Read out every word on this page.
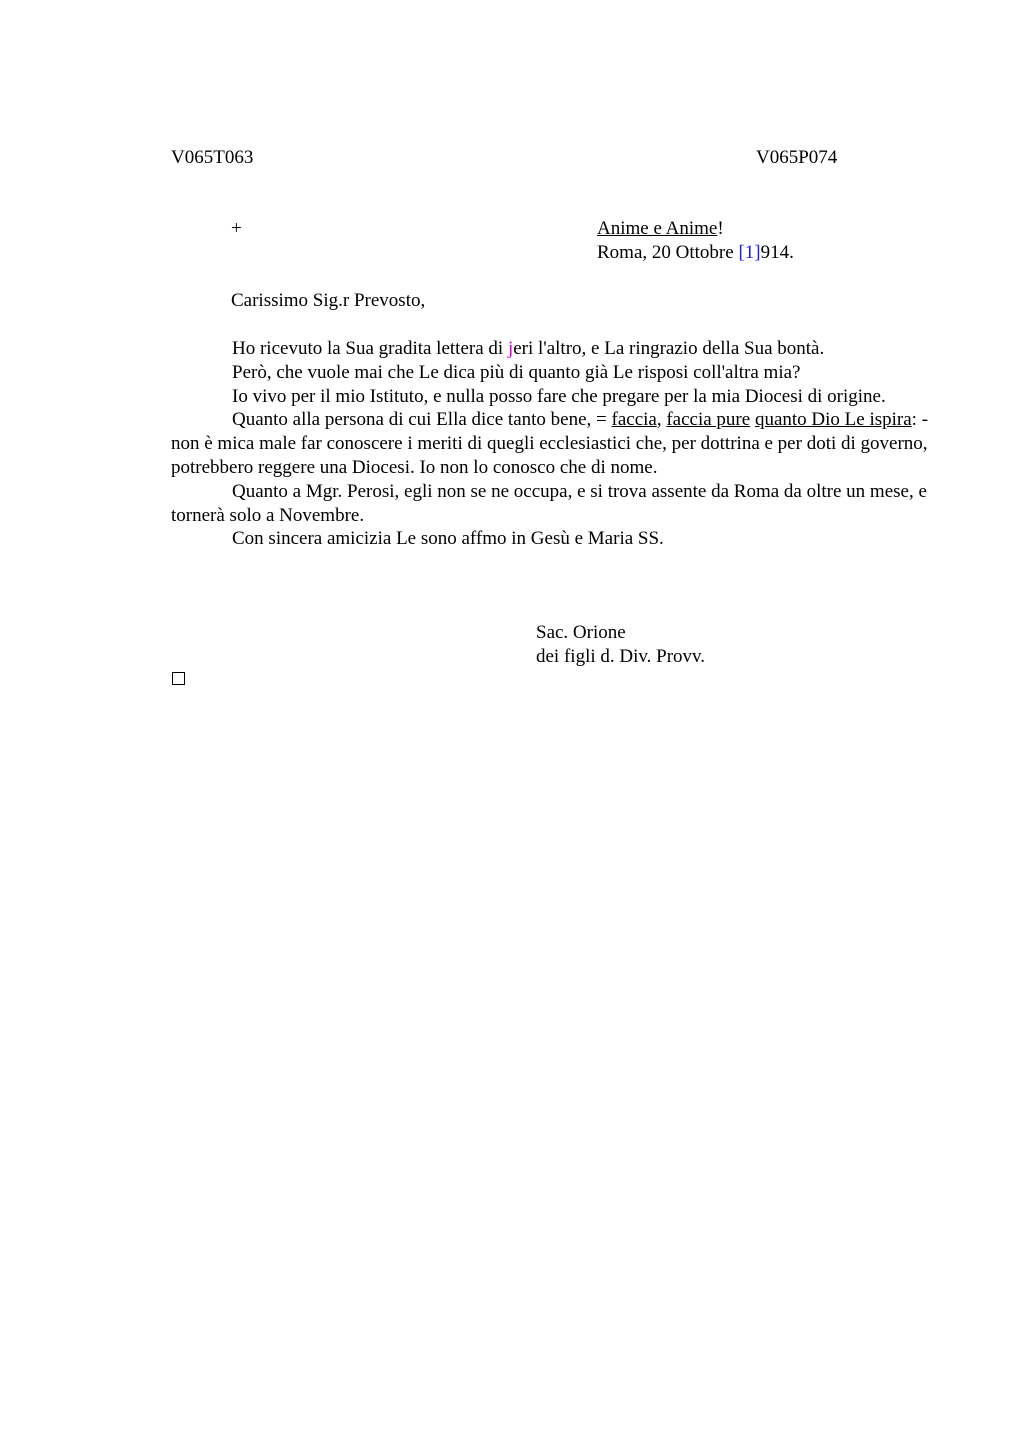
V065T063	V065P074
+	Anime e Anime!
Roma, 20 Ottobre [1]914.
Carissimo Sig.r Prevosto,

Ho ricevuto la Sua gradita lettera di jeri l'altro, e La ringrazio della Sua bontà.

Però, che vuole mai che Le dica più di quanto già Le risposi coll'altra mia?

Io vivo per il mio Istituto, e nulla posso fare che pregare per la mia Diocesi di origine.

Quanto alla persona di cui Ella dice tanto bene, = faccia, faccia pure quanto Dio Le ispira: - non è mica male far conoscere i meriti di quegli ecclesiastici che, per dottrina e per doti di governo, potrebbero reggere una Diocesi. Io non lo conosco che di nome.

Quanto a Mgr. Perosi, egli non se ne occupa, e si trova assente da Roma da oltre un mese, e tornerà solo a Novembre.

Con sincera amicizia Le sono affmo in Gesù e Maria SS.

Sac. Orione
dei figli d. Div. Provv.
